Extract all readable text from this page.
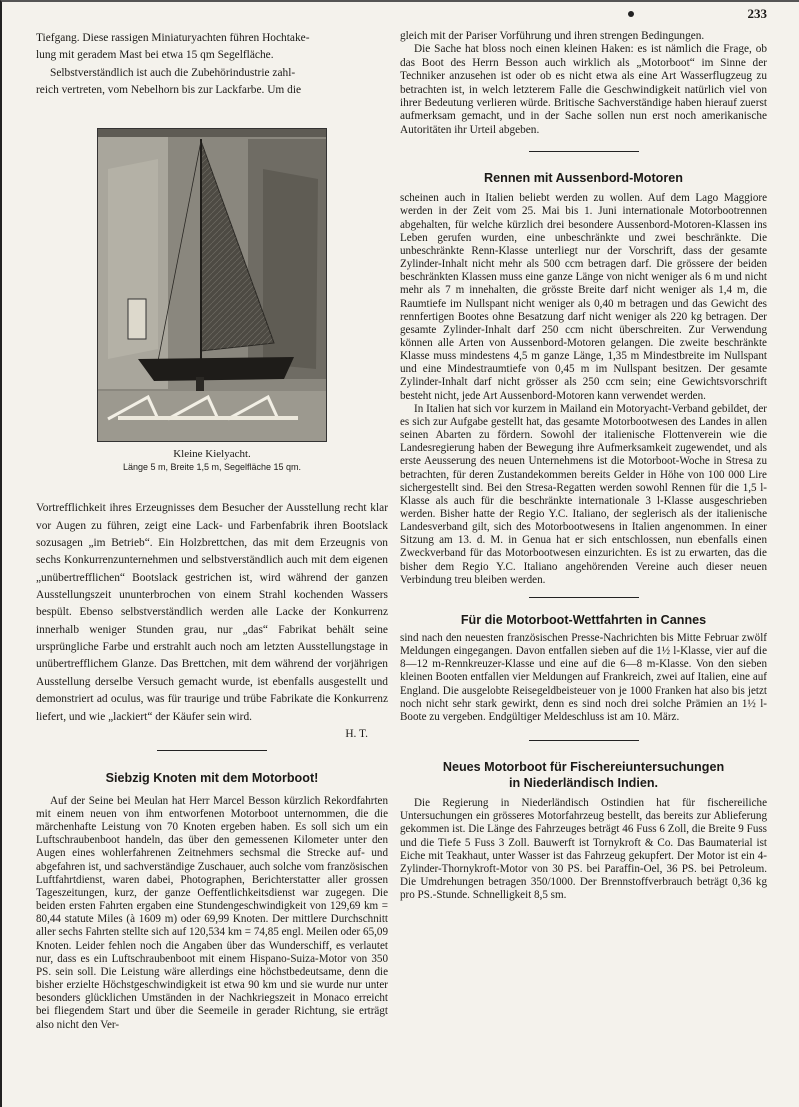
233

Tiefgang. Diese rassigen Miniaturyachten führen Hochtake-

lung mit geradem Mast bei etwa 15 qm Segelfläche.

Selbstverständlich ist auch die Zubehörindustrie zahl-

reich vertreten, vom Nebelhorn bis zur Lackfarbe. Um die

Kleine Kielyacht.
Länge 5 m, Breite 1,5 m, Segelfläche 15 qm.

Vortrefflichkeit ihres Erzeugnisses dem Besucher der Ausstellung recht klar vor Augen zu führen, zeigt eine Lack- und Farbenfabrik ihren Bootslack sozusagen „im Betrieb“. Ein Holzbrettchen, das mit dem Erzeugnis von sechs Konkurrenzunternehmen und selbstverständlich auch mit dem eigenen „unübertrefflichen“ Bootslack gestrichen ist, wird während der ganzen Ausstellungszeit ununterbrochen von einem Strahl kochenden Wassers bespült. Ebenso selbstverständlich werden alle Lacke der Konkurrenz innerhalb weniger Stunden grau, nur „das“ Fabrikat behält seine ursprüngliche Farbe und erstrahlt auch noch am letzten Ausstellungstage in unübertrefflichem Glanze. Das Brettchen, mit dem während der vorjährigen Ausstellung derselbe Versuch gemacht wurde, ist ebenfalls ausgestellt und demonstriert ad oculus, was für traurige und trübe Fabrikate die Konkurrenz liefert, und wie „lackiert“ der Käufer sein wird.

H. T.
Siebzig Knoten mit dem Motorboot!

Auf der Seine bei Meulan hat Herr Marcel Besson kürzlich Rekordfahrten mit einem neuen von ihm entworfenen Motorboot unternommen, die die märchenhafte Leistung von 70 Knoten ergeben haben. Es soll sich um ein Luftschraubenboot handeln, das über den gemessenen Kilometer unter den Augen eines wohlerfahrenen Zeitnehmers sechsmal die Strecke auf- und abgefahren ist, und sachverständige Zuschauer, auch solche vom französischen Luftfahrtdienst, waren dabei, Photographen, Berichterstatter aller grossen Tageszeitungen, kurz, der ganze Oeffentlichkeitsdienst war zugegen. Die beiden ersten Fahrten ergaben eine Stundengeschwindigkeit von 129,69 km = 80,44 statute Miles (à 1609 m) oder 69,99 Knoten. Der mittlere Durchschnitt aller sechs Fahrten stellte sich auf 120,534 km = 74,85 engl. Meilen oder 65,09 Knoten. Leider fehlen noch die Angaben über das Wunderschiff, es verlautet nur, dass es ein Luftschraubenboot mit einem Hispano-Suiza-Motor von 350 PS. sein soll. Die Leistung wäre allerdings eine höchstbedeutsame, denn die bisher erzielte Höchstgeschwindigkeit ist etwa 90 km und sie wurde nur unter besonders glücklichen Umständen in der Nachkriegszeit in Monaco erreicht bei fliegendem Start und über die Seemeile in gerader Richtung, sie erträgt also nicht den Ver-

gleich mit der Pariser Vorführung und ihren strengen Bedingungen.

Die Sache hat bloss noch einen kleinen Haken: es ist nämlich die Frage, ob das Boot des Herrn Besson auch wirklich als „Motorboot“ im Sinne der Techniker anzusehen ist oder ob es nicht etwa als eine Art Wasserflugzeug zu betrachten ist, in welch letzterem Falle die Geschwindigkeit natürlich viel von ihrer Bedeutung verlieren würde. Britische Sachverständige haben hierauf zuerst aufmerksam gemacht, und in der Sache sollen nun erst noch amerikanische Autoritäten ihr Urteil abgeben.

Rennen mit Aussenbord-Motoren

scheinen auch in Italien beliebt werden zu wollen. Auf dem Lago Maggiore werden in der Zeit vom 25. Mai bis 1. Juni internationale Motorbootrennen abgehalten, für welche kürzlich drei besondere Aussenbord-Motoren-Klassen ins Leben gerufen wurden, eine unbeschränkte und zwei beschränkte. Die unbeschränkte Renn-Klasse unterliegt nur der Vorschrift, dass der gesamte Zylinder-Inhalt nicht mehr als 500 ccm betragen darf. Die grössere der beiden beschränkten Klassen muss eine ganze Länge von nicht weniger als 6 m und nicht mehr als 7 m innehalten, die grösste Breite darf nicht weniger als 1,4 m, die Raumtiefe im Nullspant nicht weniger als 0,40 m betragen und das Gewicht des rennfertigen Bootes ohne Besatzung darf nicht weniger als 220 kg betragen. Der gesamte Zylinder-Inhalt darf 250 ccm nicht überschreiten. Zur Verwendung können alle Arten von Aussenbord-Motoren gelangen. Die zweite beschränkte Klasse muss mindestens 4,5 m ganze Länge, 1,35 m Mindestbreite im Nullspant und eine Mindestraumtiefe von 0,45 m im Nullspant besitzen. Der gesamte Zylinder-Inhalt darf nicht grösser als 250 ccm sein; eine Gewichtsvorschrift besteht nicht, jede Art Aussenbord-Motoren kann verwendet werden.

In Italien hat sich vor kurzem in Mailand ein Motoryacht-Verband gebildet, der es sich zur Aufgabe gestellt hat, das gesamte Motorbootwesen des Landes in allen seinen Abarten zu fördern. Sowohl der italienische Flottenverein wie die Landesregierung haben der Bewegung ihre Aufmerksamkeit zugewendet, und als erste Aeusserung des neuen Unternehmens ist die Motorboot-Woche in Stresa zu betrachten, für deren Zustandekommen bereits Gelder in Höhe von 100 000 Lire sichergestellt sind. Bei den Stresa-Regatten werden sowohl Rennen für die 1,5 l-Klasse als auch für die beschränkte internationale 3 l-Klasse ausgeschrieben werden. Bisher hatte der Regio Y.C. Italiano, der seglerisch als der italienische Landesverband gilt, sich des Motorbootwesens in Italien angenommen. In einer Sitzung am 13. d. M. in Genua hat er sich entschlossen, nun ebenfalls einen Zweckverband für das Motorbootwesen einzurichten. Es ist zu erwarten, das die bisher dem Regio Y.C. Italiano angehörenden Vereine auch dieser neuen Verbindung treu bleiben werden.

Für die Motorboot-Wettfahrten in Cannes

sind nach den neuesten französischen Presse-Nachrichten bis Mitte Februar zwölf Meldungen eingegangen. Davon entfallen sieben auf die 1½ l-Klasse, vier auf die 8—12 m-Rennkreuzer-Klasse und eine auf die 6—8 m-Klasse. Von den sieben kleinen Booten entfallen vier Meldungen auf Frankreich, zwei auf Italien, eine auf England. Die ausgelobte Reisegeldbeisteuer von je 1000 Franken hat also bis jetzt noch nicht sehr stark gewirkt, denn es sind noch drei solche Prämien an 1½ l-Boote zu vergeben. Endgültiger Meldeschluss ist am 10. März.

Neues Motorboot für Fischereiuntersuchungen
in Niederländisch Indien.

Die Regierung in Niederländisch Ostindien hat für fischereiliche Untersuchungen ein grösseres Motorfahrzeug bestellt, das bereits zur Ablieferung gekommen ist. Die Länge des Fahrzeuges beträgt 46 Fuss 6 Zoll, die Breite 9 Fuss und die Tiefe 5 Fuss 3 Zoll. Bauwerft ist Tornykroft & Co. Das Baumaterial ist Eiche mit Teakhaut, unter Wasser ist das Fahrzeug gekupfert. Der Motor ist ein 4-Zylinder-Thornykroft-Motor von 30 PS. bei Paraffin-Oel, 36 PS. bei Petroleum. Die Umdrehungen betragen 350/1000. Der Brennstoffverbrauch beträgt 0,36 kg pro PS.-Stunde. Schnelligkeit 8,5 sm.
